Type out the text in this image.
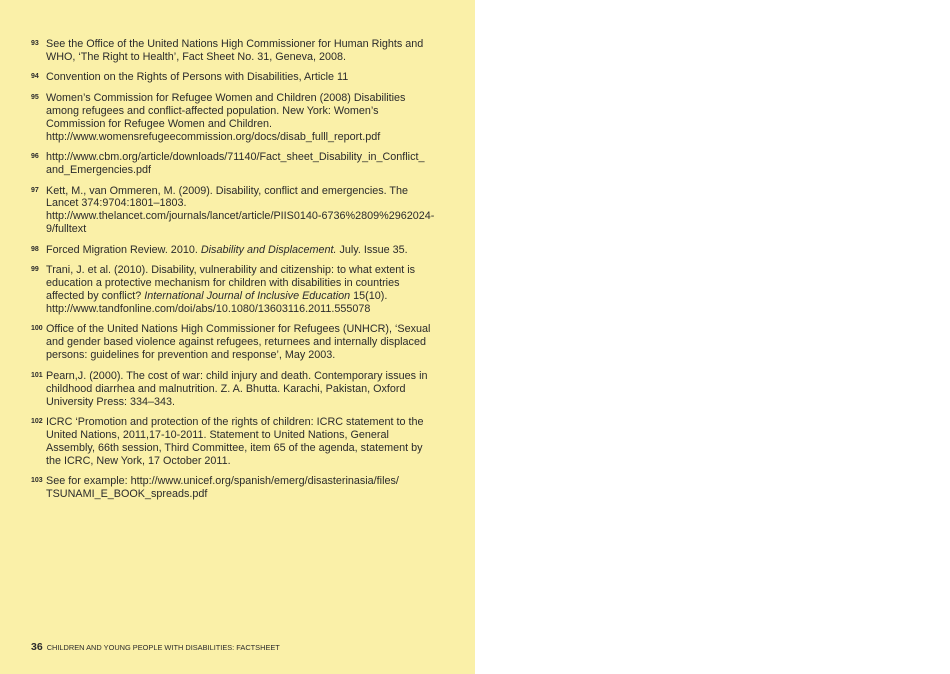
93 See the Office of the United Nations High Commissioner for Human Rights and WHO, ‘The Right to Health’, Fact Sheet No. 31, Geneva, 2008.
94 Convention on the Rights of Persons with Disabilities, Article 11
95 Women’s Commission for Refugee Women and Children (2008) Disabilities among refugees and conflict-affected population. New York: Women’s Commission for Refugee Women and Children.
http://www.womensrefugeecommission.org/docs/disab_fulll_report.pdf
96 http://www.cbm.org/article/downloads/71140/Fact_sheet_Disability_in_Conflict_
and_Emergencies.pdf
97 Kett, M., van Ommeren, M. (2009). Disability, conflict and emergencies. The Lancet 374:9704:1801–1803. http://www.thelancet.com/journals/lancet/article/PIIS0140-6736%2809%2962024-9/fulltext
98 Forced Migration Review. 2010. Disability and Displacement. July. Issue 35.
99 Trani, J. et al. (2010). Disability, vulnerability and citizenship: to what extent is education a protective mechanism for children with disabilities in countries affected by conflict? International Journal of Inclusive Education 15(10).
http://www.tandfonline.com/doi/abs/10.1080/13603116.2011.555078
100 Office of the United Nations High Commissioner for Refugees (UNHCR), ‘Sexual and gender based violence against refugees, returnees and internally displaced persons: guidelines for prevention and response’, May 2003.
101 Pearn,J. (2000). The cost of war: child injury and death. Contemporary issues in childhood diarrhea and malnutrition. Z. A. Bhutta. Karachi, Pakistan, Oxford University Press: 334–343.
102 ICRC ‘Promotion and protection of the rights of children: ICRC statement to the United Nations, 2011,17-10-2011. Statement to United Nations, General Assembly, 66th session, Third Committee, item 65 of the agenda, statement by the ICRC, New York, 17 October 2011.
103 See for example: http://www.unicef.org/spanish/emerg/disasterinasia/files/
TSUNAMI_E_BOOK_spreads.pdf
36 CHILDREN AND YOUNG PEOPLE WITH DISABILITIES: FACTSHEET
